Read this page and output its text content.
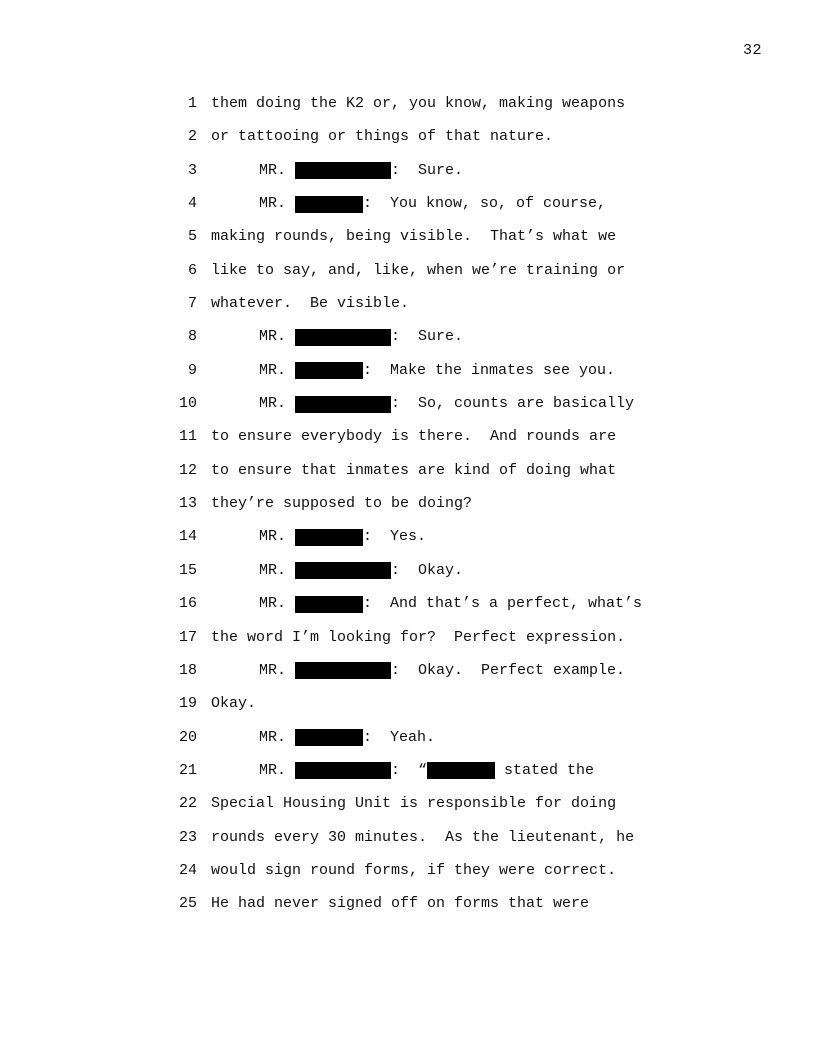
32
1 them doing the K2 or, you know, making weapons
2 or tattooing or things of that nature.
3	MR.	:  Sure.
4	MR.	:  You know, so, of course,
5 making rounds, being visible.  That’s what we
6 like to say, and, like, when we’re training or
7 whatever.  Be visible.
8	MR.	:  Sure.
9	MR.	:  Make the inmates see you.
10	MR.	:  So, counts are basically
11 to ensure everybody is there.  And rounds are
12 to ensure that inmates are kind of doing what
13 they’re supposed to be doing?
14	MR.	:  Yes.
15	MR.	:  Okay.
16	MR.	:  And that’s a perfect, what’s
17 the word I’m looking for?  Perfect expression.
18	MR.	:  Okay.  Perfect example.
19 Okay.
20	MR.	:  Yeah.
21	MR.	:  “	stated the
22 Special Housing Unit is responsible for doing
23 rounds every 30 minutes.  As the lieutenant, he
24 would sign round forms, if they were correct.
25 He had never signed off on forms that were
